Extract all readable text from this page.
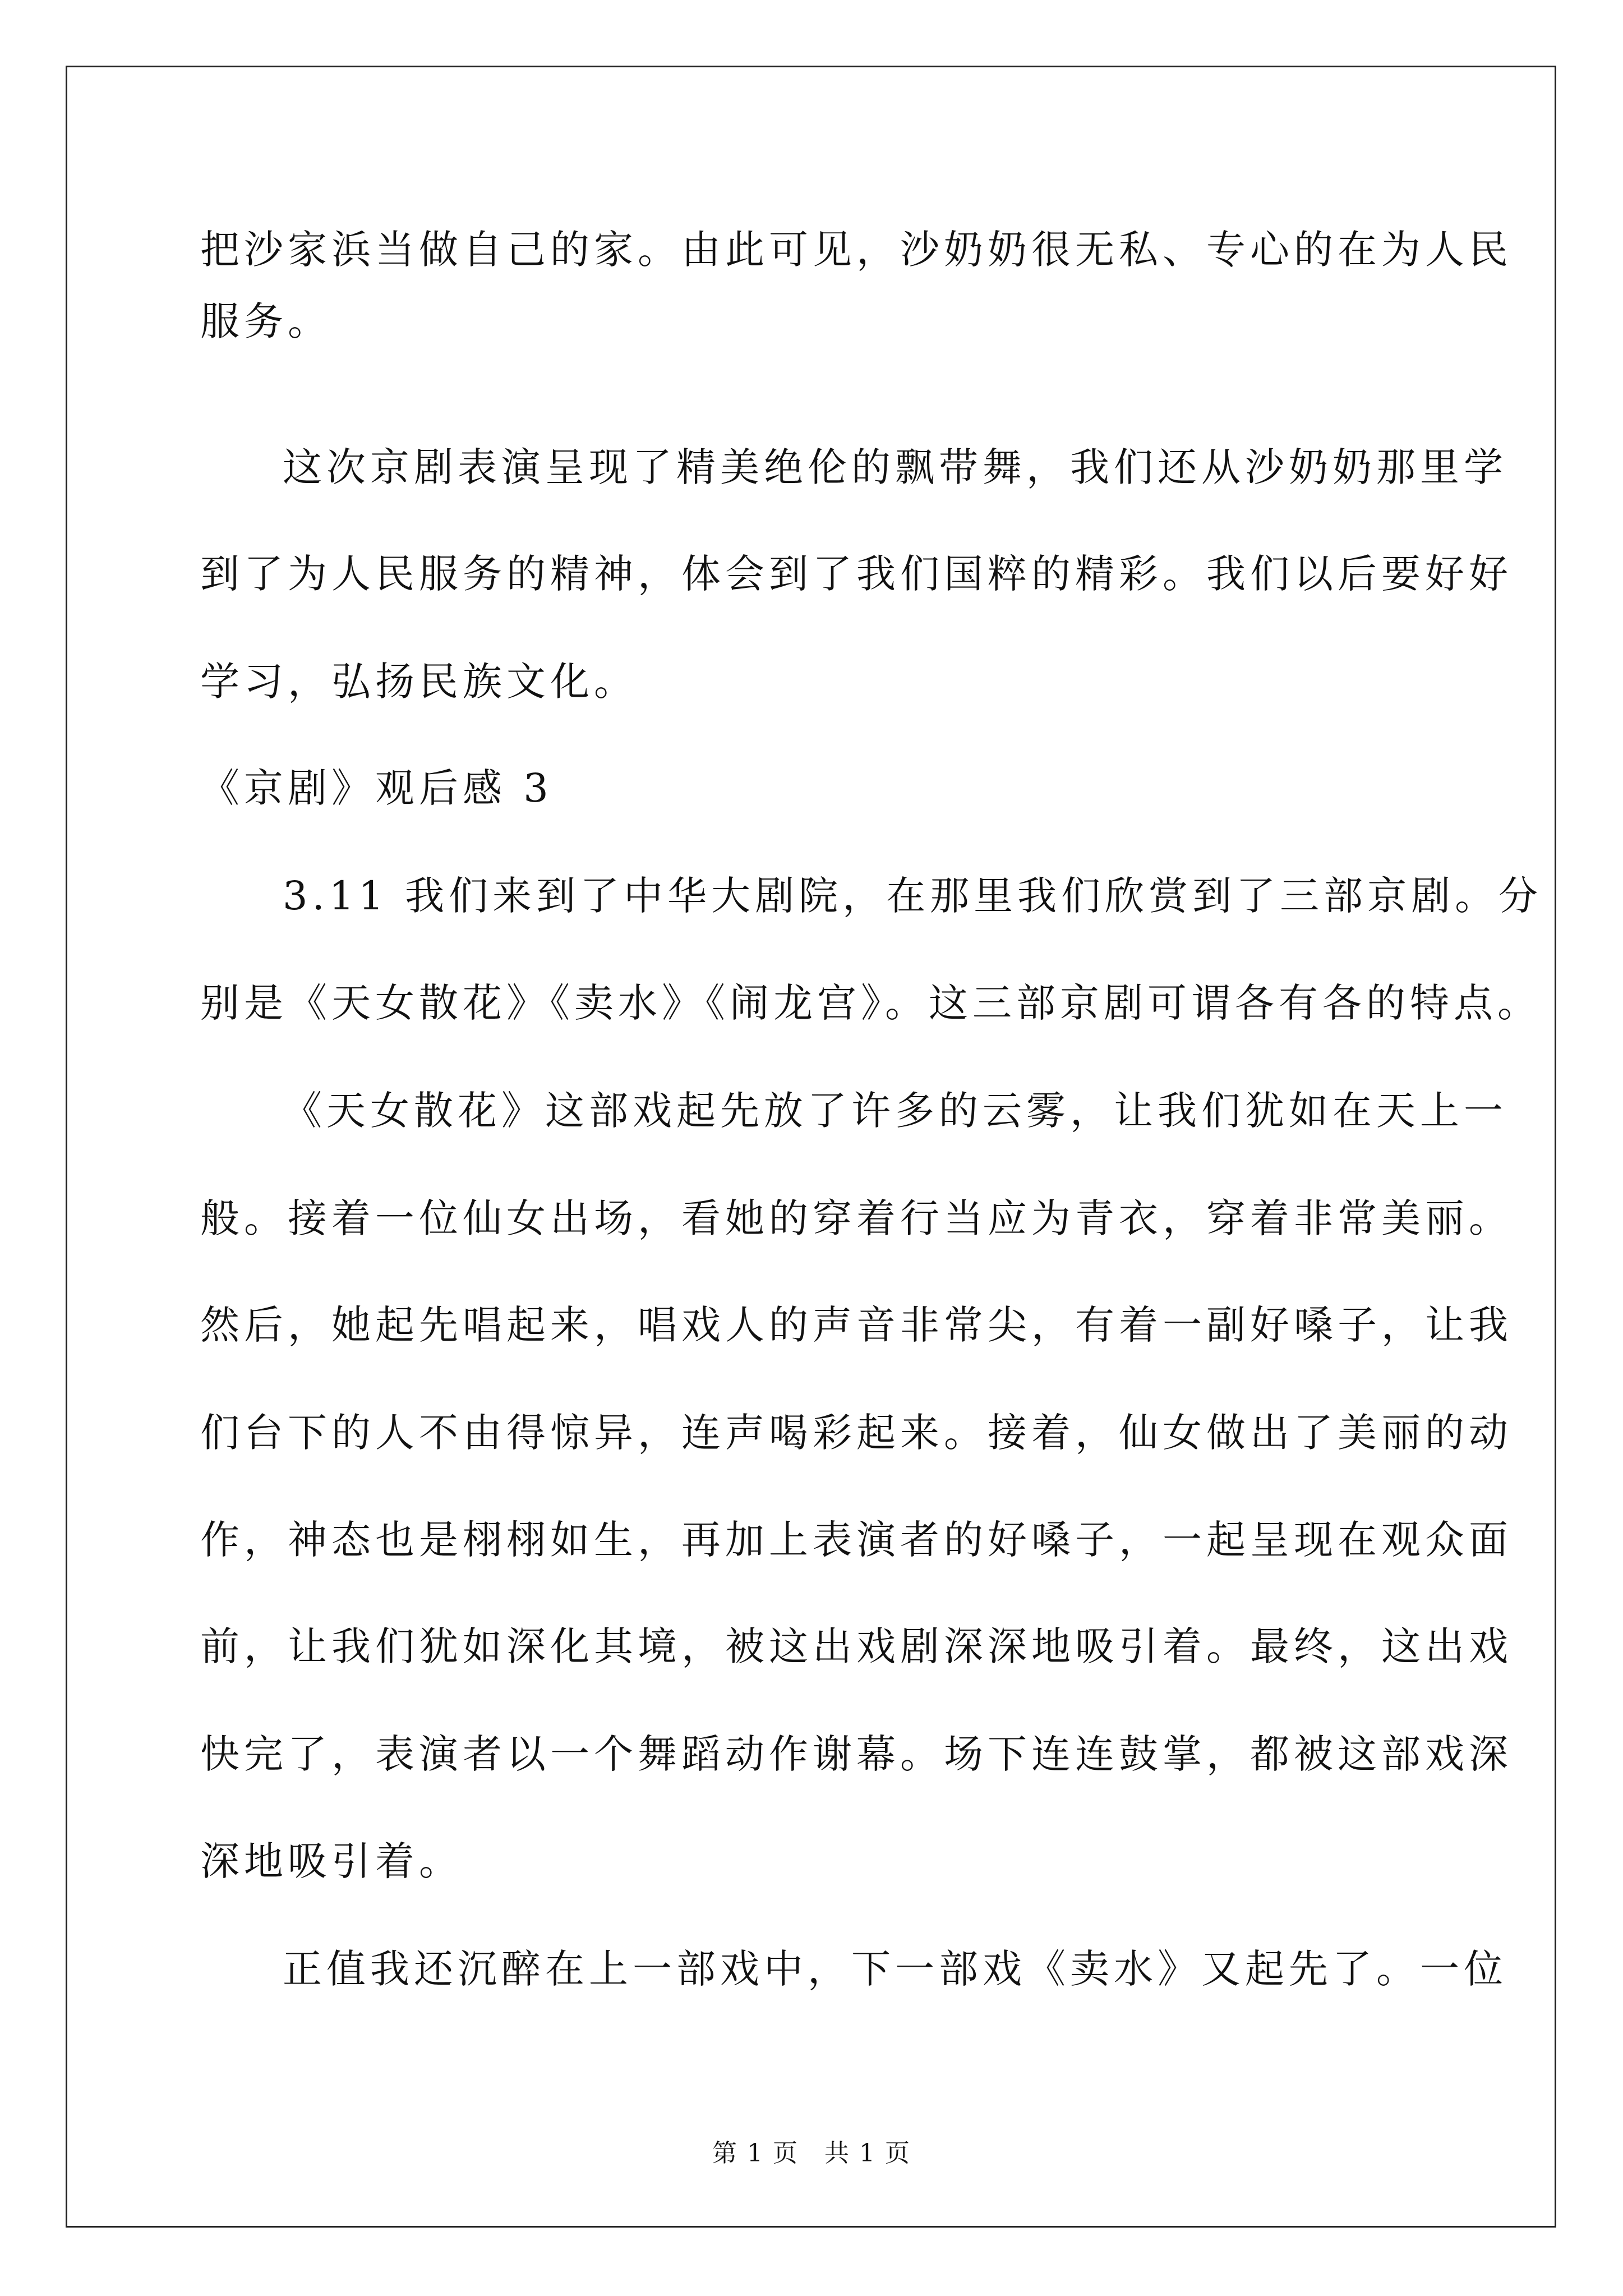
把沙家浜当做自己的家。由此可见，沙奶奶很无私、专心的在为人民
服务。
这次京剧表演呈现了精美绝伦的飘带舞，我们还从沙奶奶那里学
到了为人民服务的精神，体会到了我们国粹的精彩。我们以后要好好
学习，弘扬民族文化。
《京剧》观后感 3
3.11 我们来到了中华大剧院，在那里我们欣赏到了三部京剧。分
别是《天女散花》《卖水》《闹龙宫》。这三部京剧可谓各有各的特点。
《天女散花》这部戏起先放了许多的云雾，让我们犹如在天上一
般。接着一位仙女出场，看她的穿着行当应为青衣，穿着非常美丽。
然后，她起先唱起来，唱戏人的声音非常尖，有着一副好嗓子，让我
们台下的人不由得惊异，连声喝彩起来。接着，仙女做出了美丽的动
作，神态也是栩栩如生，再加上表演者的好嗓子，一起呈现在观众面
前，让我们犹如深化其境，被这出戏剧深深地吸引着。最终，这出戏
快完了，表演者以一个舞蹈动作谢幕。场下连连鼓掌，都被这部戏深
深地吸引着。
正值我还沉醉在上一部戏中，下一部戏《卖水》又起先了。一位
第 1 页　共 1 页
